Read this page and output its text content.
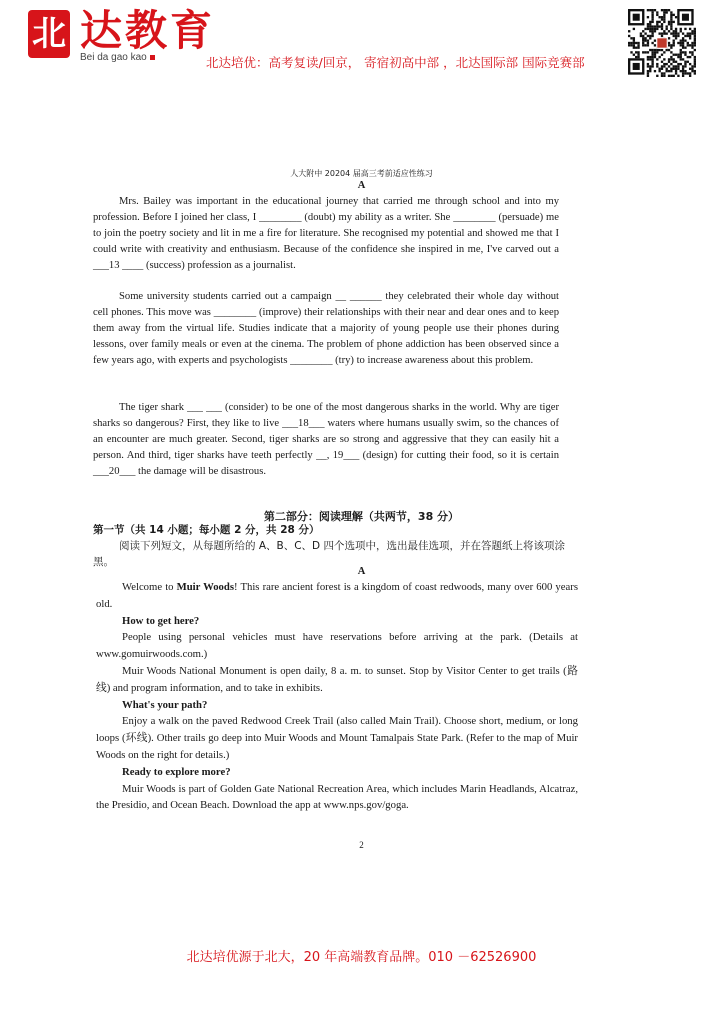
北 达教育
Bei da gao kao	北达培优：高考复读/回京， 寄宿初高中部 ，北达国际部 国际竞赛部
人大附中 20204 届高三考前适应性练习
A

Mrs. Bailey was important in the educational journey that carried me through school and into my profession. Before I joined her class, I ________ (doubt) my ability as a writer. She ________ (persuade) me to join the poetry society and lit in me a fire for literature. She recognised my potential and showed me that I could write with creativity and enthusiasm. Because of the confidence she inspired in me, I've carved out a ___13 ____ (success) profession as a journalist.

Some university students carried out a campaign __ ______ they celebrated their whole day without cell phones. This move was ________ (improve) their relationships with their near and dear ones and to keep them away from the virtual life. Studies indicate that a majority of young people use their phones during lessons, over family meals or even at the cinema. The problem of phone addiction has been observed since a few years ago, with experts and psychologists ________ (try) to increase awareness about this problem.

The tiger shark ___ ___ (consider) to be one of the most dangerous sharks in the world. Why are tiger sharks so dangerous? First, they like to live ___18___ waters where humans usually swim, so the chances of an encounter are much greater. Second, tiger sharks are so strong and aggressive that they can easily hit a person. And third, tiger sharks have teeth perfectly __, 19___ (design) for cutting their food, so it is certain ___20___ the damage will be disastrous.

第二部分：阅读理解（共两节，38 分）
第一节（共 14 小题；每小题 2 分，共 28 分）
阅读下列短文，从每题所给的 A、B、C、D 四个选项中，选出最佳选项，并在答题纸上将该项涂黑。
A

Welcome to Muir Woods! This rare ancient forest is a kingdom of coast redwoods, many over 600 years old.

How to get here?

People using personal vehicles must have reservations before arriving at the park. (Details at www.gomuirwoods.com.)

Muir Woods National Monument is open daily, 8 a. m. to sunset. Stop by Visitor Center to get trails (路线) and program information, and to take in exhibits.

What's your path?

Enjoy a walk on the paved Redwood Creek Trail (also called Main Trail). Choose short, medium, or long loops (环线). Other trails go deep into Muir Woods and Mount Tamalpais State Park. (Refer to the map of Muir Woods on the right for details.)

Ready to explore more?

Muir Woods is part of Golden Gate National Recreation Area, which includes Marin Headlands, Alcatraz, the Presidio, and Ocean Beach. Download the app at www.nps.gov/goga.

2
北达培优源于北大，20 年高端教育品牌。010 －62526900
